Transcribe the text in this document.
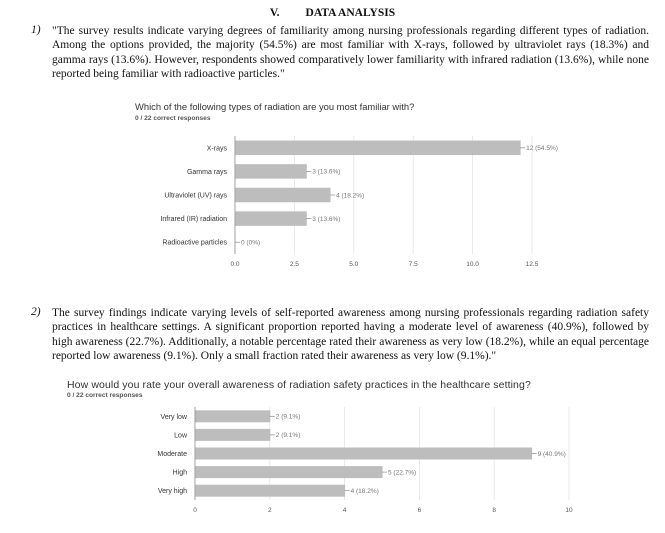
V. DATA ANALYSIS
1) "The survey results indicate varying degrees of familiarity among nursing professionals regarding different types of radiation. Among the options provided, the majority (54.5%) are most familiar with X-rays, followed by ultraviolet rays (18.3%) and gamma rays (13.6%). However, respondents showed comparatively lower familiarity with infrared radiation (13.6%), while none reported being familiar with radioactive particles."
Which of the following types of radiation are you most familiar with?
0 / 22 correct responses
2) The survey findings indicate varying levels of self-reported awareness among nursing professionals regarding radiation safety practices in healthcare settings. A significant proportion reported having a moderate level of awareness (40.9%), followed by high awareness (22.7%). Additionally, a notable percentage rated their awareness as very low (18.2%), while an equal percentage reported low awareness (9.1%). Only a small fraction rated their awareness as very low (9.1%)."
How would you rate your overall awareness of radiation safety practices in the healthcare setting?
0 / 22 correct responses
0.0	2.5	5.0	7.5	10.0	12.5
X-rays	12 (54.5%)
Gamma rays	3 (13.6%)
Ultraviolet (UV) rays	4 (18.2%)
Infrared (IR) radiation	3 (13.6%)
Radioactive particles 0 (0%)
0	2	4	6	8	10
Very low	2 (9.1%)
Low	2 (9.1%)
Moderate	9 (40.9%)
High	5 (22.7%)
Very high	4 (18.2%)
